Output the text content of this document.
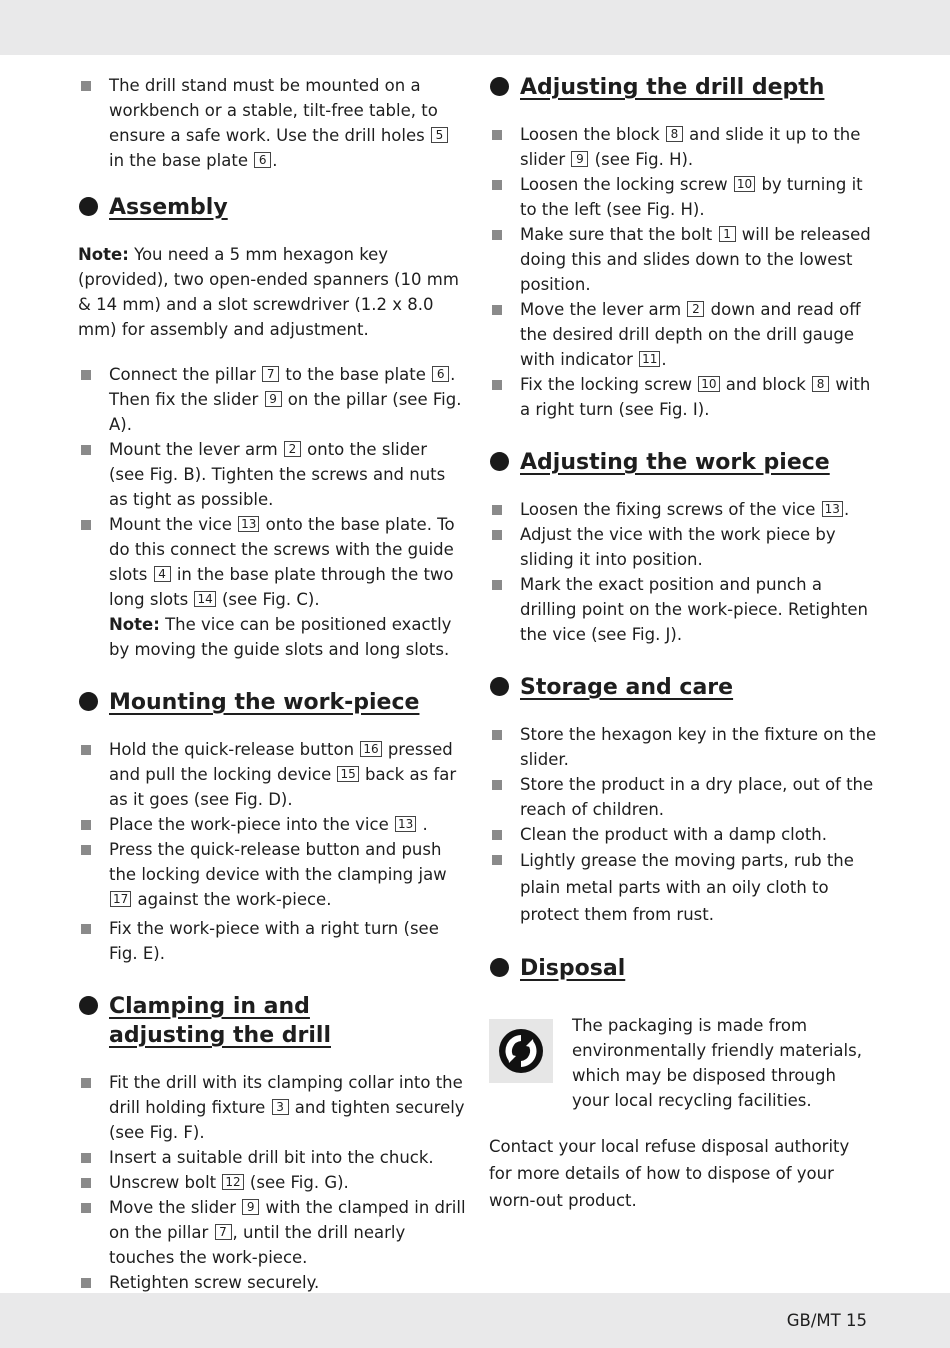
The drill stand must be mounted on a workbench or a stable, tilt-free table, to ensure a safe work. Use the drill holes 5 in the base plate 6 .
Assembly
Note: You need a 5 mm hexagon key (provided), two open-ended spanners (10 mm & 14 mm) and a slot screwdriver (1.2 x 8.0 mm) for assembly and adjustment.
Connect the pillar 7 to the base plate 6 . Then fix the slider 9 on the pillar (see Fig. A).
Mount the lever arm 2 onto the slider (see Fig. B). Tighten the screws and nuts as tight as possible.
Mount the vice 13 onto the base plate. To do this connect the screws with the guide slots 4 in the base plate through the two long slots 14 (see Fig. C).
Note: The vice can be positioned exactly by moving the guide slots and long slots.
Mounting the work-piece
Hold the quick-release button 16 pressed and pull the locking device 15 back as far as it goes (see Fig. D).
Place the work-piece into the vice 13 .
Press the quick-release button and push the locking device with the clamping jaw 17 against the work-piece.
Fix the work-piece with a right turn (see Fig. E).
Clamping in and
adjusting the drill
Fit the drill with its clamping collar into the drill holding fixture 3 and tighten securely (see Fig. F).
Insert a suitable drill bit into the chuck.
Unscrew bolt 12 (see Fig. G).
Move the slider 9 with the clamped in drill on the pillar 7 , until the drill nearly touches the work-piece.
Retighten screw securely.
Adjusting the drill depth
Loosen the block 8 and slide it up to the slider 9 (see Fig. H).
Loosen the locking screw 10 by turning it to the left (see Fig. H).
Make sure that the bolt 1 will be released doing this and slides down to the lowest position.
Move the lever arm 2 down and read off the desired drill depth on the drill gauge with indicator 11 .
Fix the locking screw 10 and block 8 with a right turn (see Fig. I).
Adjusting the work piece
Loosen the fixing screws of the vice 13 .
Adjust the vice with the work piece by sliding it into position.
Mark the exact position and punch a drilling point on the work-piece. Retighten the vice (see Fig. J).
Storage and care
Store the hexagon key in the fixture on the slider.
Store the product in a dry place, out of the reach of children.
Clean the product with a damp cloth.
Lightly grease the moving parts, rub the plain metal parts with an oily cloth to protect them from rust.
Disposal
The packaging is made from environmentally friendly materials, which may be disposed through your local recycling facilities.
Contact your local refuse disposal authority for more details of how to dispose of your worn-out product.
GB/MT 15
